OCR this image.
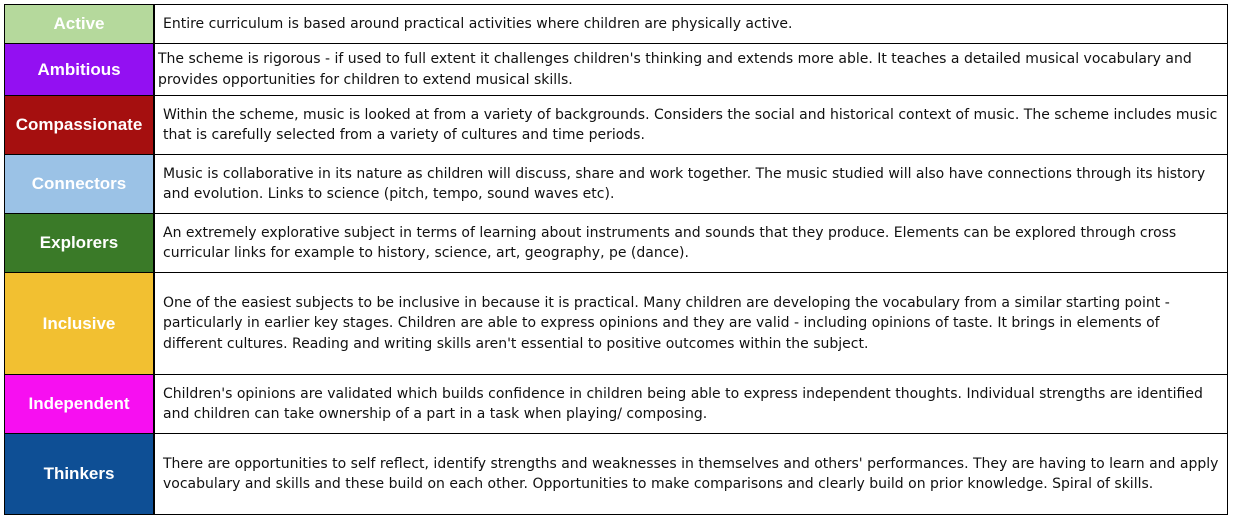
Active	Entire curriculum is based around practical activities where children are physically active.
Ambitious
The scheme is rigorous - if used to full extent it challenges children's thinking and extends more able. It teaches a detailed musical vocabulary and provides opportunities for children to extend musical skills.
Compassionate
Within the scheme, music is looked at from a variety of backgrounds. Considers the social and historical context of music. The scheme includes music that is carefully selected from a variety of cultures and time periods.
Connectors
Music is collaborative in its nature as children will discuss, share and work together. The music studied will also have connections through its history and evolution. Links to science (pitch, tempo, sound waves etc).
Explorers
An extremely explorative subject in terms of learning about instruments and sounds that they produce. Elements can be explored through cross curricular links for example to history, science, art, geography, pe (dance).
Inclusive
One of the easiest subjects to be inclusive in because it is practical. Many children are developing the vocabulary from a similar starting point - particularly in earlier key stages. Children are able to express opinions and they are valid - including opinions of taste. It brings in elements of different cultures. Reading and writing skills aren't essential to positive outcomes within the subject.
Independent
Children's opinions are validated which builds confidence in children being able to express independent thoughts. Individual strengths are identified and children can take ownership of a part in a task when playing/ composing.
Thinkers
There are opportunities to self reflect, identify strengths and weaknesses in themselves and others' performances. They are having to learn and apply vocabulary and skills and these build on each other. Opportunities to make comparisons and clearly build on prior knowledge. Spiral of skills.
